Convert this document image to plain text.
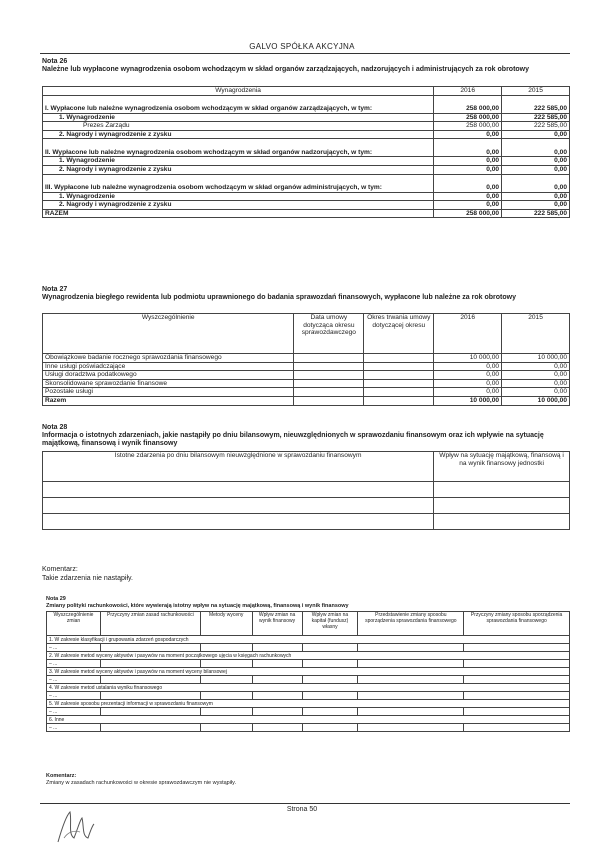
GALVO SPÓŁKA AKCYJNA
Nota 26
Należne lub wypłacone wynagrodzenia osobom wchodzącym w skład organów zarządzających, nadzorujących i administrujących za rok obrotowy
Wynagrodzenia	2016	2015
I. Wypłacone lub należne wynagrodzenia osobom wchodzącym w skład organów zarządzających, w tym:	258 000,00	222 585,00
1. Wynagrodzenie	258 000,00	222 585,00
Prezes Zarządu	258 000,00	222 585,00
2. Nagrody i wynagrodzenie z zysku	0,00	0,00
II. Wypłacone lub należne wynagrodzenia osobom wchodzącym w skład organów nadzorujących, w tym:	0,00	0,00
1. Wynagrodzenie	0,00	0,00
2. Nagrody i wynagrodzenie z zysku	0,00	0,00
III. Wypłacone lub należne wynagrodzenia osobom wchodzącym w skład organów administrujących, w tym:	0,00	0,00
1. Wynagrodzenie	0,00	0,00
2. Nagrody i wynagrodzenie z zysku	0,00	0,00
RAZEM	258 000,00	222 585,00
Nota 27
Wynagrodzenia biegłego rewidenta lub podmiotu uprawnionego do badania sprawozdań finansowych, wypłacone lub należne za rok obrotowy
Wyszczególnienie	Data umowy dotycząca okresu sprawozdawczego	Okres trwania umowy dotyczącej okresu	2016	2015
Obowiązkowe badanie rocznego sprawozdania finansowego			10 000,00	10 000,00
Inne usługi poświadczające			0,00	0,00
Usługi doradztwa podatkowego			0,00	0,00
Skonsolidowane sprawozdanie finansowe			0,00	0,00
Pozostałe usługi			0,00	0,00
Razem			10 000,00	10 000,00
Nota 28
Informacja o istotnych zdarzeniach, jakie nastąpiły po dniu bilansowym, nieuwzględnionych w sprawozdaniu finansowym oraz ich wpływie na sytuację majątkową, finansową i wynik finansowy
Istotne zdarzenia po dniu bilansowym nieuwzględnione w sprawozdaniu finansowym	Wpływ na sytuację majątkową, finansową i na wynik finansowy jednostki

Komentarz:
Takie zdarzenia nie nastąpiły.
Nota 29
Zmiany polityki rachunkowości, które wywierają istotny wpływ na sytuację majątkową, finansową i wynik finansowy
Wyszczególnienie zmian	Przyczyny zmian zasad rachunkowości	Metody wyceny	Wpływ zmian na wynik finansowy	Wpływ zmian na kapitał (fundusz) własny	Przedstawienie zmiany sposobu sporządzenia sprawozdania finansowego	Przyczyny zmiany sposobu sporządzenia sprawozdania finansowego
1. W zakresie klasyfikacji i grupowania zdarzeń gospodarczych						
– ...						
2. W zakresie metod wyceny aktywów i pasywów na moment początkowego ujęcia w księgach rachunkowych						
– ...						
3. W zakresie metod wyceny aktywów i pasywów na moment wyceny bilansowej						
– ...						
4. W zakresie metod ustalania wyniku finansowego						
– ...						
5. W zakresie sposobu prezentacji informacji w sprawozdaniu finansowym						
– ...						
6. Inne						
– ...						
Komentarz:
Zmiany w zasadach rachunkowości w okresie sprawozdawczym nie wystąpiły.
Strona 50
